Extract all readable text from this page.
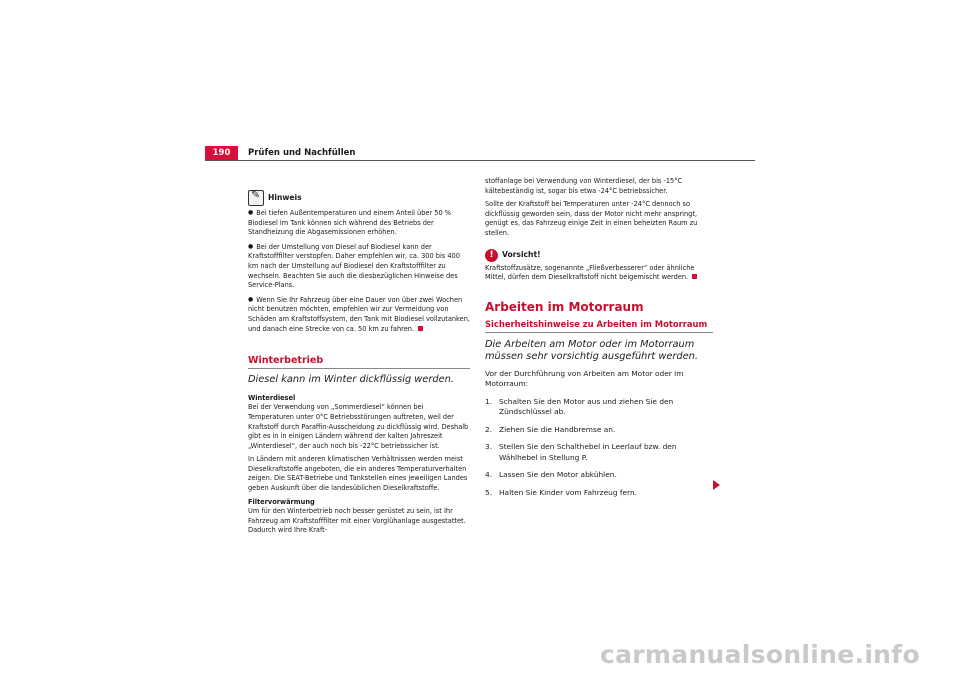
190	Prüfen und Nachfüllen
✎
Hinweis

● Bei tiefen Außentemperaturen und einem Anteil über 50 % Biodiesel im Tank können sich während des Betriebs der Standheizung die Abgasemissionen erhöhen.

● Bei der Umstellung von Diesel auf Biodiesel kann der Kraftstofffilter verstopfen. Daher empfehlen wir, ca. 300 bis 400 km nach der Umstellung auf Biodiesel den Kraftstofffilter zu wechseln. Beachten Sie auch die diesbezüglichen Hinweise des Service-Plans.

● Wenn Sie Ihr Fahrzeug über eine Dauer von über zwei Wochen nicht benutzen möchten, empfehlen wir zur Vermeidung von Schäden am Kraftstoffsystem, den Tank mit Biodiesel vollzutanken, und danach eine Strecke von ca. 50 km zu fahren.

Winterbetrieb
Diesel kann im Winter dickflüssig werden.
Winterdiesel

Bei der Verwendung von „Sommerdiesel“ können bei Temperaturen unter 0°C Betriebsstörungen auftreten, weil der Kraftstoff durch Paraffin-Ausscheidung zu dickflüssig wird. Deshalb gibt es in in einigen Ländern während der kalten Jahreszeit „Winterdiesel“, der auch noch bis -22°C betriebssicher ist.

In Ländern mit anderen klimatischen Verhältnissen werden meist Dieselkraftstoffe angeboten, die ein anderes Temperaturverhalten zeigen. Die SEAT-Betriebe und Tankstellen eines jeweiligen Landes geben Auskunft über die landesüblichen Dieselkraftstoffe.

Filtervorwärmung

Um für den Winterbetrieb noch besser gerüstet zu sein, ist Ihr Fahrzeug am Kraftstofffilter mit einer Vorglühanlage ausgestattet. Dadurch wird Ihre Kraft-

stoffanlage bei Verwendung von Winterdiesel, der bis -15°C kältebeständig ist, sogar bis etwa -24°C betriebssicher.

Sollte der Kraftstoff bei Temperaturen unter -24°C dennoch so dickflüssig geworden sein, dass der Motor nicht mehr anspringt, genügt es, das Fahrzeug einige Zeit in einen beheizten Raum zu stellen.

!	Vorsicht!

Kraftstoffzusätze, sogenannte „Fließverbesserer“ oder ähnliche Mittel, dürfen dem Dieselkraftstoff nicht beigemischt werden.

Arbeiten im Motorraum
Sicherheitshinweise zu Arbeiten im Motorraum
Die Arbeiten am Motor oder im Motorraum müssen sehr vorsichtig ausgeführt werden.

Vor der Durchführung von Arbeiten am Motor oder im Motorraum:

1. Schalten Sie den Motor aus und ziehen Sie den Zündschlüssel ab.
2. Ziehen Sie die Handbremse an.
3. Stellen Sie den Schalthebel in Leerlauf bzw. den Wählhebel in Stellung P.
4. Lassen Sie den Motor abkühlen.
5. Halten Sie Kinder vom Fahrzeug fern.
carmanualsonline.info
